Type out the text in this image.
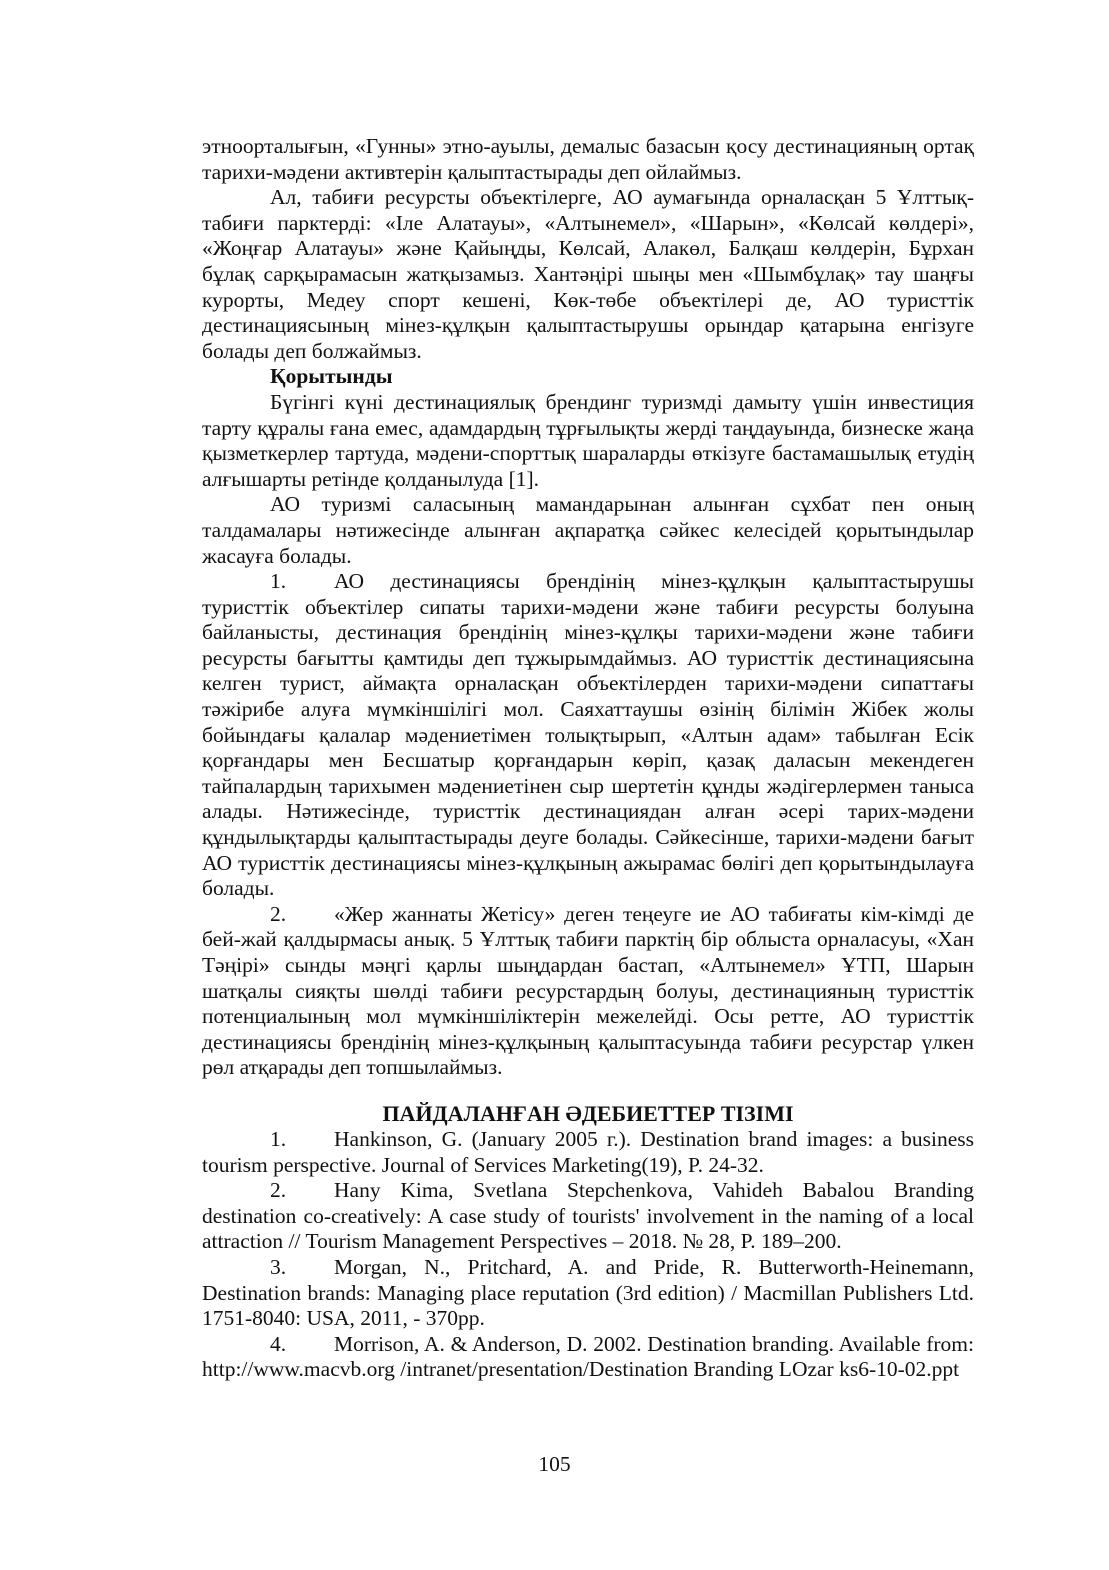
этноорталығын, «Гунны» этно-ауылы, демалыс базасын қосу дестинацияның ортақ тарихи-мәдени активтерін қалыптастырады деп ойлаймыз.

Ал, табиғи ресурсты объектілерге, АО аумағында орналасқан 5 Ұлттық-табиғи парктерді: «Іле Алатауы», «Алтынемел», «Шарын», «Көлсай көлдері», «Жоңғар Алатауы» және Қайыңды, Көлсай, Алакөл, Балқаш көлдерін, Бұрхан бұлақ сарқырамасын жатқызамыз. Хантәңірі шыңы мен «Шымбұлақ» тау шаңғы курорты, Медеу спорт кешені, Көк-төбе объектілері де, АО туристтік дестинациясының мінез-құлқын қалыптастырушы орындар қатарына енгізуге болады деп болжаймыз.

Қорытынды

Бүгінгі күні дестинациялық брендинг туризмді дамыту үшін инвестиция тарту құралы ғана емес, адамдардың тұрғылықты жерді таңдауында, бизнеске жаңа қызметкерлер тартуда, мәдени-спорттық шараларды өткізуге бастамашылық етудің алғышарты ретінде қолданылуда [1].

АО туризмі саласының мамандарынан алынған сұхбат пен оның талдамалары нәтижесінде алынған ақпаратқа сәйкес келесідей қорытындылар жасауға болады.

1. АО дестинациясы брендінің мінез-құлқын қалыптастырушы туристтік объектілер сипаты тарихи-мәдени және табиғи ресурсты болуына байланысты, дестинация брендінің мінез-құлқы тарихи-мәдени және табиғи ресурсты бағытты қамтиды деп тұжырымдаймыз. АО туристтік дестинациясына келген турист, аймақта орналасқан объектілерден тарихи-мәдени сипаттағы тәжірибе алуға мүмкіншілігі мол. Саяхаттаушы өзінің білімін Жібек жолы бойындағы қалалар мәдениетімен толықтырып, «Алтын адам» табылған Есік қорғандары мен Бесшатыр қорғандарын көріп, қазақ даласын мекендеген тайпалардың тарихымен мәдениетінен сыр шертетін құнды жәдігерлермен таныса алады. Нәтижесінде, туристтік дестинациядан алған әсері тарих-мәдени құндылықтарды қалыптастырады деуге болады. Сәйкесінше, тарихи-мәдени бағыт АО туристтік дестинациясы мінез-құлқының ажырамас бөлігі деп қорытындылауға болады.

2. «Жер жаннаты Жетісу» деген теңеуге ие АО табиғаты кім-кімді де бей-жай қалдырмасы анық. 5 Ұлттық табиғи парктің бір облыста орналасуы, «Хан Тәңірі» сынды мәңгі қарлы шыңдардан бастап, «Алтынемел» ҰТП, Шарын шатқалы сияқты шөлді табиғи ресурстардың болуы, дестинацияның туристтік потенциалының мол мүмкіншіліктерін межелейді. Осы ретте, АО туристтік дестинациясы брендінің мінез-құлқының қалыптасуында табиғи ресурстар үлкен рөл атқарады деп топшылаймыз.

ПАЙДАЛАНҒАН ӘДЕБИЕТТЕР ТІЗІМІ

1. Hankinson, G. (January 2005 г.). Destination brand images: a business tourism perspective. Journal of Services Marketing(19), P. 24-32.

2. Hany Kima, Svetlana Stepchenkova, Vahideh Babalou Branding destination co-creatively: A case study of tourists' involvement in the naming of a local attraction // Tourism Management Perspectives – 2018. № 28, P. 189–200.

3. Morgan, N., Pritchard, A. and Pride, R. Butterworth-Heinemann, Destination brands: Managing place reputation (3rd edition) / Macmillan Publishers Ltd. 1751-8040: USA, 2011, - 370pp.

4. Morrison, A. & Anderson, D. 2002. Destination branding. Available from: http://www.macvb.org /intranet/presentation/Destination Branding LOzar ks6-10-02.ppt

105
